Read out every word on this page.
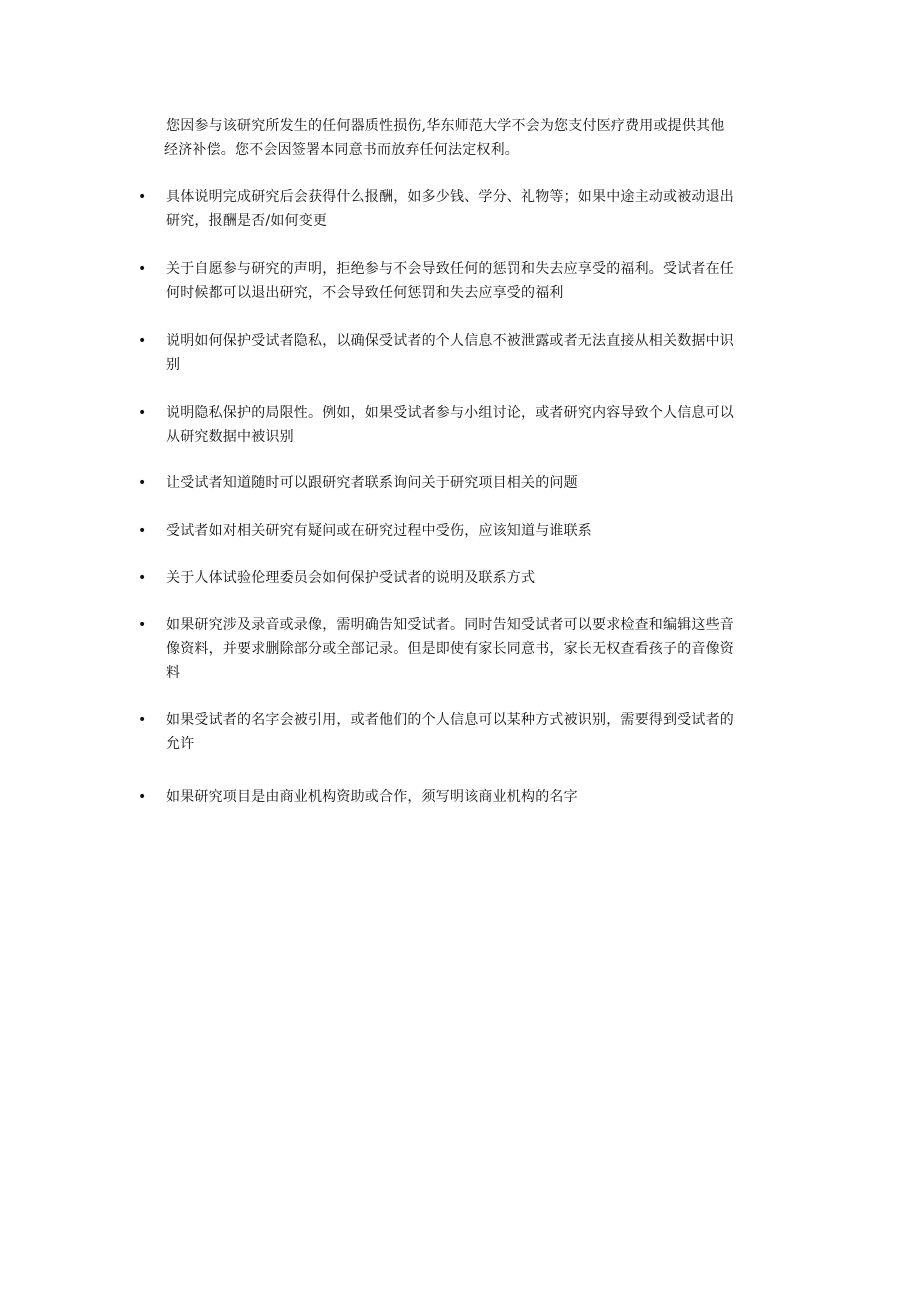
您因参与该研究所发生的任何器质性损伤,华东师范大学不会为您支付医疗费用或提供其他
经济补偿。您不会因签署本同意书而放弃任何法定权利。
• 具体说明完成研究后会获得什么报酬，如多少钱、学分、礼物等；如果中途主动或被动退出
研究，报酬是否/如何变更
• 关于自愿参与研究的声明，拒绝参与不会导致任何的惩罚和失去应享受的福利。受试者在任
何时候都可以退出研究，不会导致任何惩罚和失去应享受的福利
• 说明如何保护受试者隐私，以确保受试者的个人信息不被泄露或者无法直接从相关数据中识
别
• 说明隐私保护的局限性。例如，如果受试者参与小组讨论，或者研究内容导致个人信息可以
从研究数据中被识别
• 让受试者知道随时可以跟研究者联系询问关于研究项目相关的问题
• 受试者如对相关研究有疑问或在研究过程中受伤，应该知道与谁联系
• 关于人体试验伦理委员会如何保护受试者的说明及联系方式
• 如果研究涉及录音或录像，需明确告知受试者。同时告知受试者可以要求检查和编辑这些音
像资料，并要求删除部分或全部记录。但是即使有家长同意书，家长无权查看孩子的音像资
料
• 如果受试者的名字会被引用，或者他们的个人信息可以某种方式被识别，需要得到受试者的
允许
• 如果研究项目是由商业机构资助或合作，须写明该商业机构的名字
